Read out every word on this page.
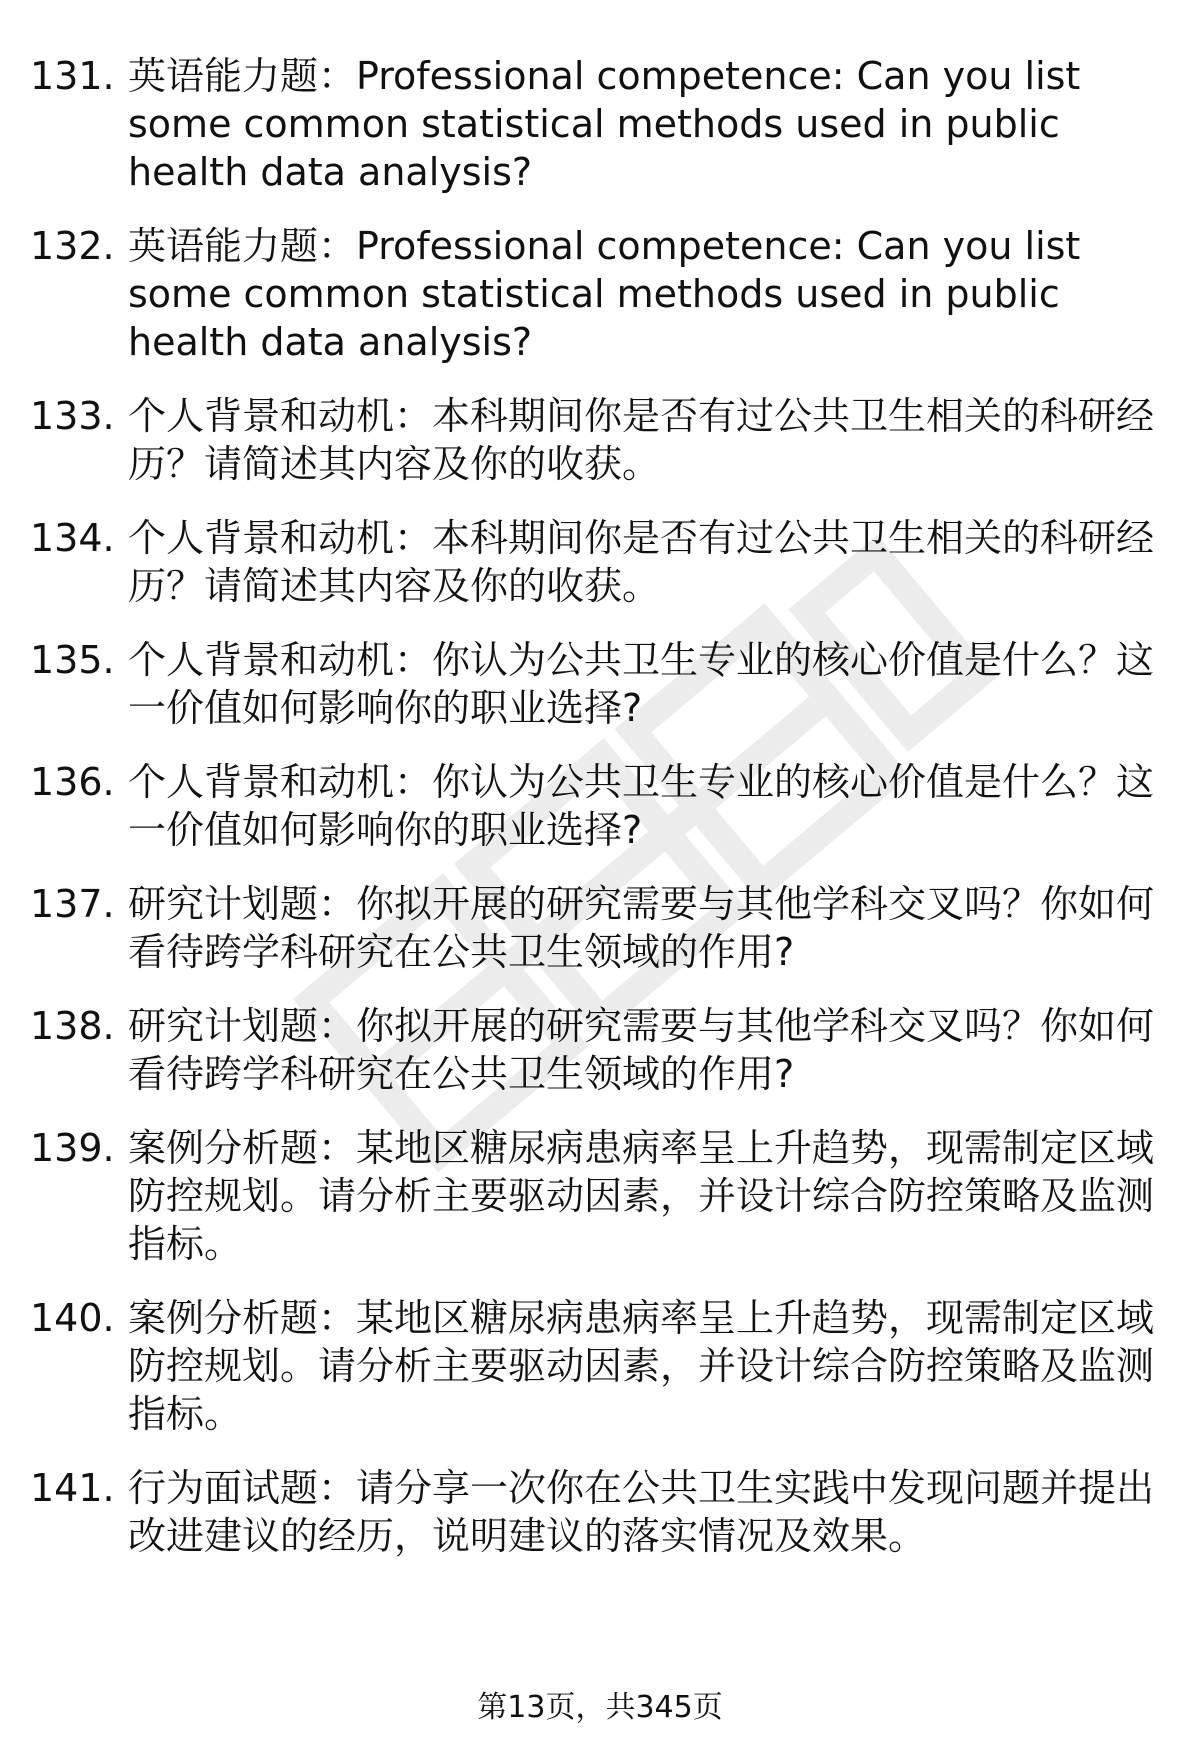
131. 英语能力题：Professional competence: Can you list some common statistical methods used in public health data analysis?
132. 英语能力题：Professional competence: Can you list some common statistical methods used in public health data analysis?
133. 个人背景和动机：本科期间你是否有过公共卫生相关的科研经历？请简述其内容及你的收获。
134. 个人背景和动机：本科期间你是否有过公共卫生相关的科研经历？请简述其内容及你的收获。
135. 个人背景和动机：你认为公共卫生专业的核心价值是什么？这一价值如何影响你的职业选择?
136. 个人背景和动机：你认为公共卫生专业的核心价值是什么？这一价值如何影响你的职业选择?
137. 研究计划题：你拟开展的研究需要与其他学科交叉吗？你如何看待跨学科研究在公共卫生领域的作用?
138. 研究计划题：你拟开展的研究需要与其他学科交叉吗？你如何看待跨学科研究在公共卫生领域的作用?
139. 案例分析题：某地区糖尿病患病率呈上升趋势，现需制定区域防控规划。请分析主要驱动因素，并设计综合防控策略及监测指标。
140. 案例分析题：某地区糖尿病患病率呈上升趋势，现需制定区域防控规划。请分析主要驱动因素，并设计综合防控策略及监测指标。
141. 行为面试题：请分享一次你在公共卫生实践中发现问题并提出改进建议的经历，说明建议的落实情况及效果。
第13页，共345页
